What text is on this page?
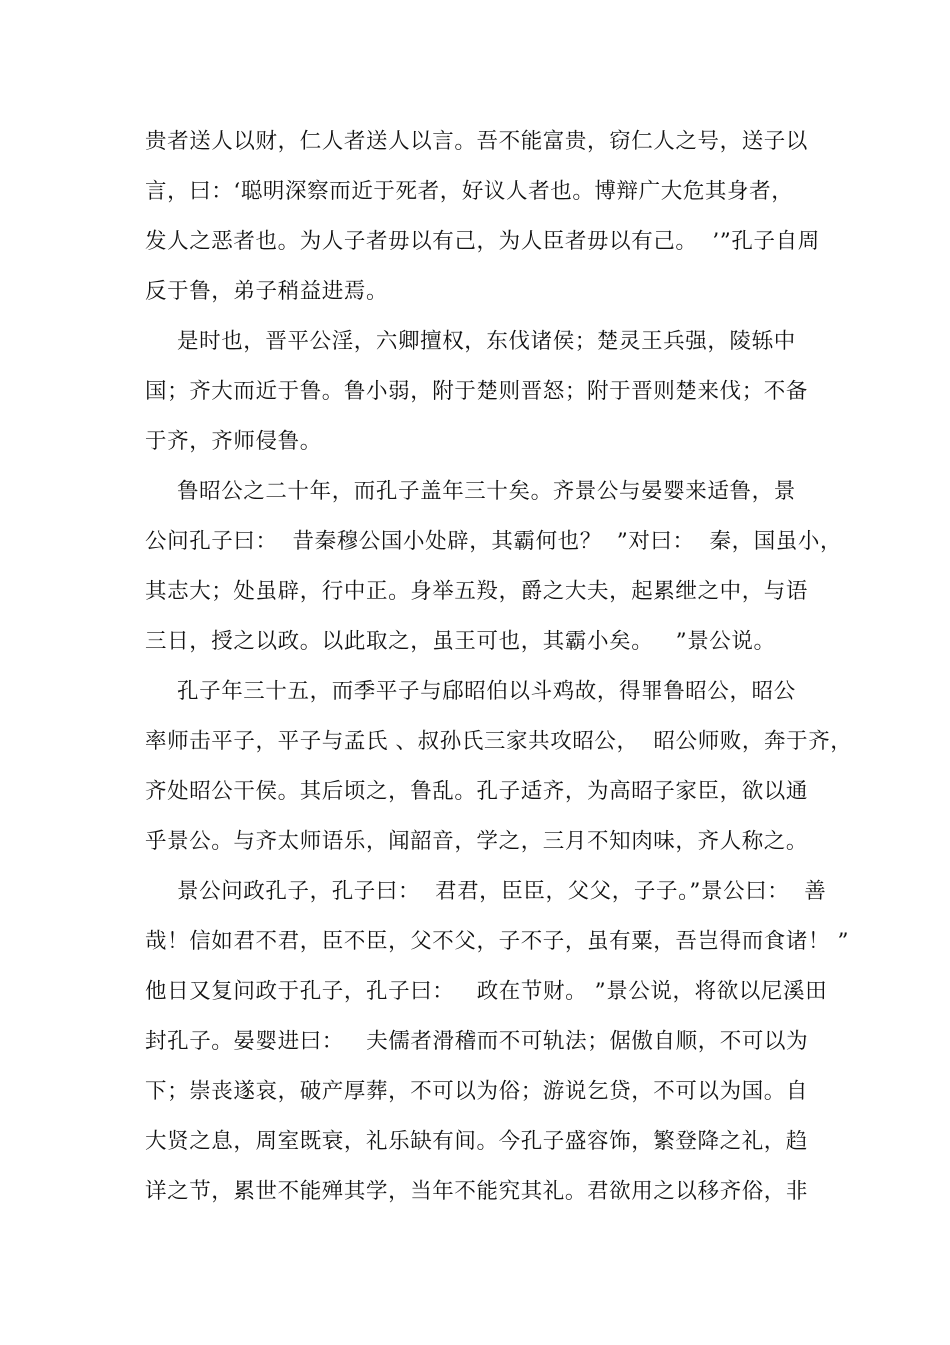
贵者送人以财，仁人者送人以言。吾不能富贵，窃仁人之号，送子以
言，曰：‘聪明深察而近于死者，好议人者也。博辩广大危其身者，
发人之恶者也。为人子者毋以有己，为人臣者毋以有己。  ’”孔子自周
反于鲁，弟子稍益进焉。
是时也，晋平公淫，六卿擅权，东伐诸侯；楚灵王兵强，陵轹中
国；齐大而近于鲁。鲁小弱，附于楚则晋怒；附于晋则楚来伐；不备
于齐，齐师侵鲁。
鲁昭公之二十年，而孔子盖年三十矣。齐景公与晏婴来适鲁，景
公问孔子曰：  昔秦穆公国小处辟，其霸何也？  ”对曰：  秦，国虽小，
其志大；处虽辟，行中正。身举五羖，爵之大夫，起累绁之中，与语
三日，授之以政。以此取之，虽王可也，其霸小矣。   ”景公说。
孔子年三十五，而季平子与郈昭伯以斗鸡故，得罪鲁昭公，昭公
率师击平子，平子与孟氏 、叔孙氏三家共攻昭公，  昭公师败，奔于齐，
齐处昭公干侯。其后顷之，鲁乱。孔子适齐，为高昭子家臣，欲以通
乎景公。与齐太师语乐，闻韶音，学之，三月不知肉味，齐人称之。
景公问政孔子，孔子曰：  君君，臣臣，父父，子子。”景公曰：  善
哉！信如君不君，臣不臣，父不父，子不子，虽有粟，吾岂得而食诸！ ”
他日又复问政于孔子，孔子曰：   政在节财。 ”景公说，将欲以尼溪田
封孔子。晏婴进曰：   夫儒者滑稽而不可轨法；倨傲自顺，不可以为
下；崇丧遂哀，破产厚葬，不可以为俗；游说乞贷，不可以为国。自
大贤之息，周室既衰，礼乐缺有间。今孔子盛容饰，繁登降之礼，趋
详之节，累世不能殚其学，当年不能究其礼。君欲用之以移齐俗，非
